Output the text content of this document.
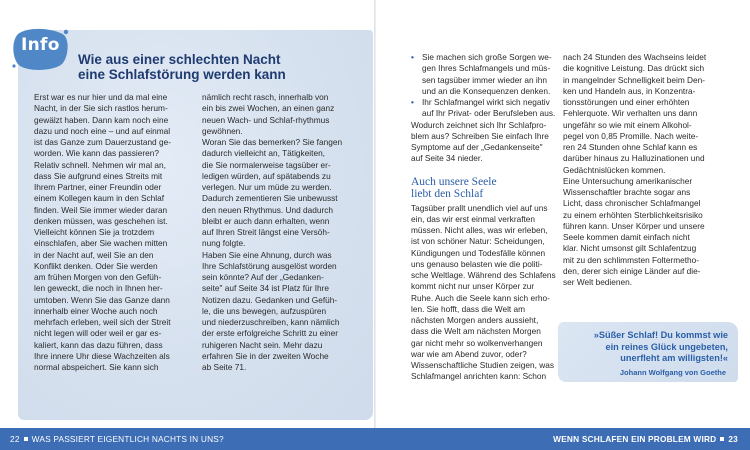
Info
Wie aus einer schlechten Nacht
eine Schlafstörung werden kann
Erst war es nur hier und da mal eine
Nacht, in der Sie sich rastlos herum-
gewälzt haben. Dann kam noch eine
dazu und noch eine – und auf einmal
ist das Ganze zum Dauerzustand ge-
worden. Wie kann das passieren?
Relativ schnell. Nehmen wir mal an,
dass Sie aufgrund eines Streits mit
Ihrem Partner, einer Freundin oder
einem Kollegen kaum in den Schlaf
finden. Weil Sie immer wieder daran
denken müssen, was geschehen ist.
Vielleicht können Sie ja trotzdem
einschlafen, aber Sie wachen mitten
in der Nacht auf, weil Sie an den
Konflikt denken. Oder Sie werden
am frühen Morgen von den Gefüh-
len geweckt, die noch in Ihnen her-
umtoben. Wenn Sie das Ganze dann
innerhalb einer Woche auch noch
mehrfach erleben, weil sich der Streit
nicht legen will oder weil er gar es-
kaliert, kann das dazu führen, dass
Ihre innere Uhr diese Wachzeiten als
normal abspeichert. Sie kann sich
nämlich recht rasch, innerhalb von
ein bis zwei Wochen, an einen ganz
neuen Wach- und Schlaf-rhythmus
gewöhnen.
Woran Sie das bemerken? Sie fangen
dadurch vielleicht an, Tätigkeiten,
die Sie normalerweise tagsüber er-
ledigen würden, auf spätabends zu
verlegen. Nur um müde zu werden.
Dadurch zementieren Sie unbewusst
den neuen Rhythmus. Und dadurch
bleibt er auch dann erhalten, wenn
auf Ihren Streit längst eine Versöh-
nung folgte.
Haben Sie eine Ahnung, durch was
Ihre Schlafstörung ausgelöst worden
sein könnte? Auf der „Gedanken-
seite" auf Seite 34 ist Platz für Ihre
Notizen dazu. Gedanken und Gefüh-
le, die uns bewegen, aufzuspüren
und niederzuschreiben, kann nämlich
der erste erfolgreiche Schritt zu einer
ruhigeren Nacht sein. Mehr dazu
erfahren Sie in der zweiten Woche
ab Seite 71.
• Sie machen sich große Sorgen we-
gen Ihres Schlafmangels und müs-
sen tagsüber immer wieder an ihn
und an die Konsequenzen denken.
• Ihr Schlafmangel wirkt sich negativ
auf Ihr Privat- oder Berufsleben aus.
Wodurch zeichnet sich Ihr Schlafpro-
blem aus? Schreiben Sie einfach Ihre
Symptome auf der „Gedankenseite"
auf Seite 34 nieder.
Auch unsere Seele
liebt den Schlaf
Tagsüber prallt unendlich viel auf uns
ein, das wir erst einmal verkraften
müssen. Nicht alles, was wir erleben,
ist von schöner Natur: Scheidungen,
Kündigungen und Todesfälle können
uns genauso belasten wie die politi-
sche Weltlage. Während des Schlafens
kommt nicht nur unser Körper zur
Ruhe. Auch die Seele kann sich erho-
len. Sie hofft, dass die Welt am
nächsten Morgen anders aussieht,
dass die Welt am nächsten Morgen
gar nicht mehr so wolkenverhangen
war wie am Abend zuvor, oder?
Wissenschaftliche Studien zeigen, was
Schlafmangel anrichten kann: Schon
nach 24 Stunden des Wachseins leidet
die kognitive Leistung. Das drückt sich
in mangelnder Schnelligkeit beim Den-
ken und Handeln aus, in Konzentra-
tionsstörungen und einer erhöhten
Fehlerquote. Wir verhalten uns dann
ungefähr so wie mit einem Alkohol-
pegel von 0,85 Promille. Nach weite-
ren 24 Stunden ohne Schlaf kann es
darüber hinaus zu Halluzinationen und
Gedächtnislücken kommen.
Eine Untersuchung amerikanischer
Wissenschaftler brachte sogar ans
Licht, dass chronischer Schlafmangel
zu einem erhöhten Sterblichkeitsrisiko
führen kann. Unser Körper und unsere
Seele kommen damit einfach nicht
klar. Nicht umsonst gilt Schlafentzug
mit zu den schlimmsten Foltermetho-
den, derer sich einige Länder auf die-
ser Welt bedienen.
»Süßer Schlaf! Du kommst wie
ein reines Glück ungebeten,
unerfleht am willigsten!«
Johann Wolfgang von Goethe
22 WAS PASSIERT EIGENTLICH NACHTS IN UNS?	WENN SCHLAFEN EIN PROBLEM WIRD 23
